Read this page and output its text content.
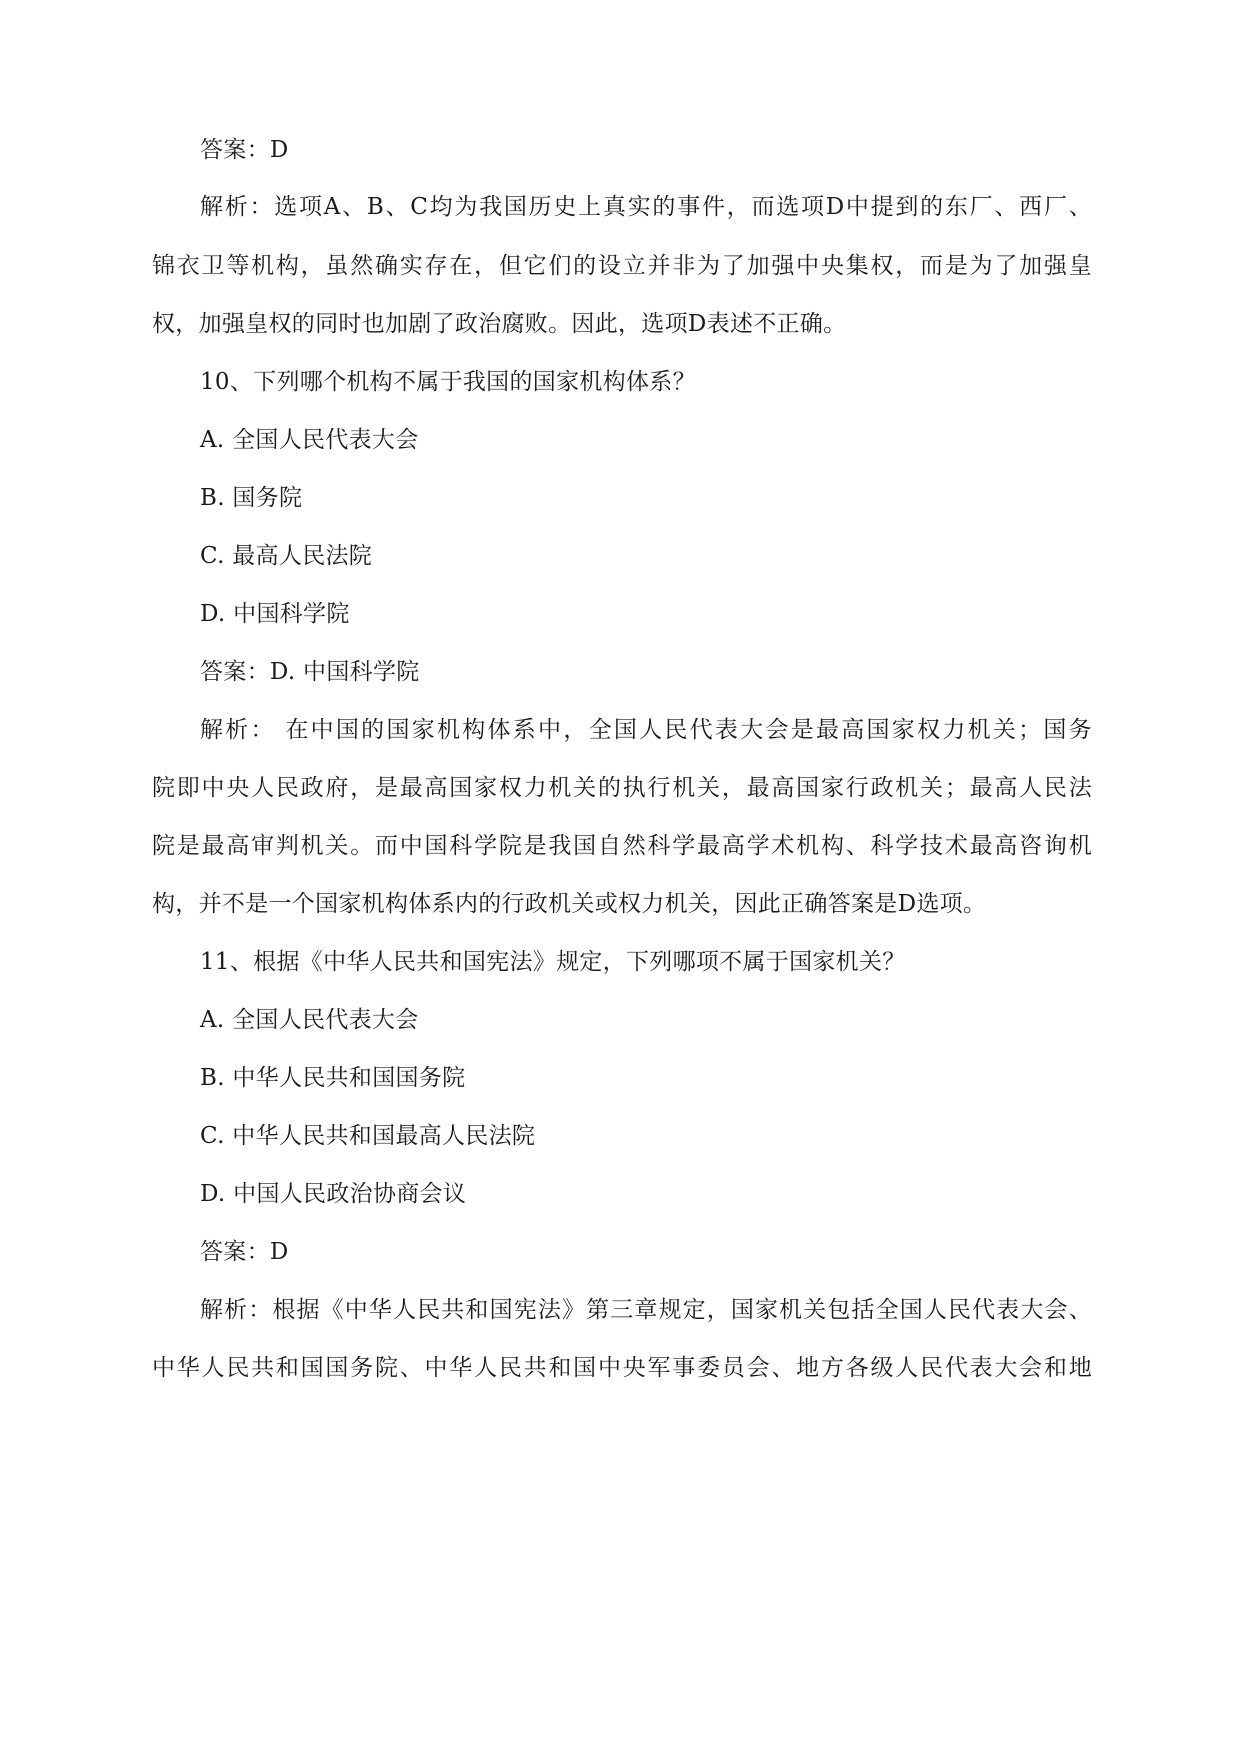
答案：D
解析：选项A、B、C均为我国历史上真实的事件，而选项D中提到的东厂、西厂、
锦衣卫等机构，虽然确实存在，但它们的设立并非为了加强中央集权，而是为了加强皇
权，加强皇权的同时也加剧了政治腐败。因此，选项D表述不正确。
10、下列哪个机构不属于我国的国家机构体系？
A. 全国人民代表大会
B. 国务院
C. 最高人民法院
D. 中国科学院
答案：D. 中国科学院
解析： 在中国的国家机构体系中，全国人民代表大会是最高国家权力机关；国务
院即中央人民政府，是最高国家权力机关的执行机关，最高国家行政机关；最高人民法
院是最高审判机关。而中国科学院是我国自然科学最高学术机构、科学技术最高咨询机
构，并不是一个国家机构体系内的行政机关或权力机关，因此正确答案是D选项。
11、根据《中华人民共和国宪法》规定，下列哪项不属于国家机关？
A. 全国人民代表大会
B. 中华人民共和国国务院
C. 中华人民共和国最高人民法院
D. 中国人民政治协商会议
答案：D
解析：根据《中华人民共和国宪法》第三章规定，国家机关包括全国人民代表大会、
中华人民共和国国务院、中华人民共和国中央军事委员会、地方各级人民代表大会和地
